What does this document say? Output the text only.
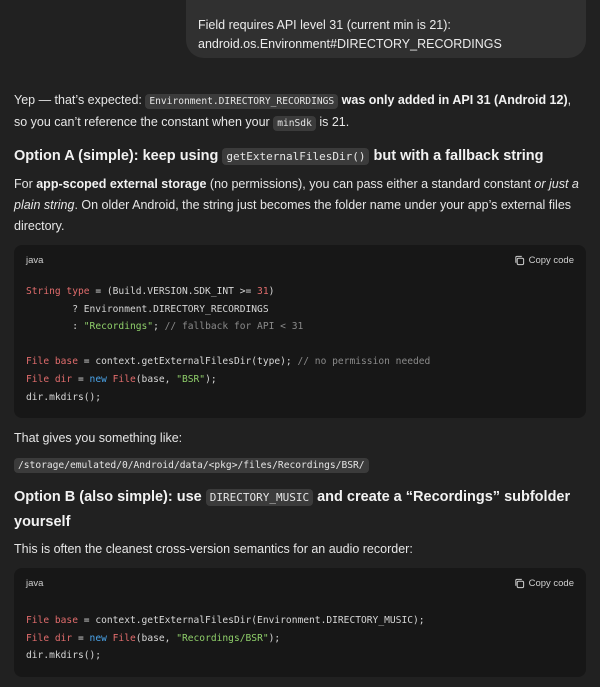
Field requires API level 31 (current min is 21):
android.os.Environment#DIRECTORY_RECORDINGS

Yep — that’s expected: Environment.DIRECTORY_RECORDINGS was only added in API 31 (Android 12), so you can’t reference the constant when your minSdk is 21.

Option A (simple): keep using getExternalFilesDir() but with a fallback string

For app-scoped external storage (no permissions), you can pass either a standard constant or just a plain string. On older Android, the string just becomes the folder name under your app’s external files directory.

java	Copy code
String type = (Build.VERSION.SDK_INT >= 31)
? Environment.DIRECTORY_RECORDINGS
: "Recordings"; // fallback for API < 31

File base = context.getExternalFilesDir(type); // no permission needed
File dir = new File(base, "BSR");
dir.mkdirs();

That gives you something like:

/storage/emulated/0/Android/data/<pkg>/files/Recordings/BSR/
Option B (also simple): use DIRECTORY_MUSIC and create a “Recordings” subfolder yourself

This is often the cleanest cross-version semantics for an audio recorder:

java	Copy code
File base = context.getExternalFilesDir(Environment.DIRECTORY_MUSIC);
File dir = new File(base, "Recordings/BSR");
dir.mkdirs();
